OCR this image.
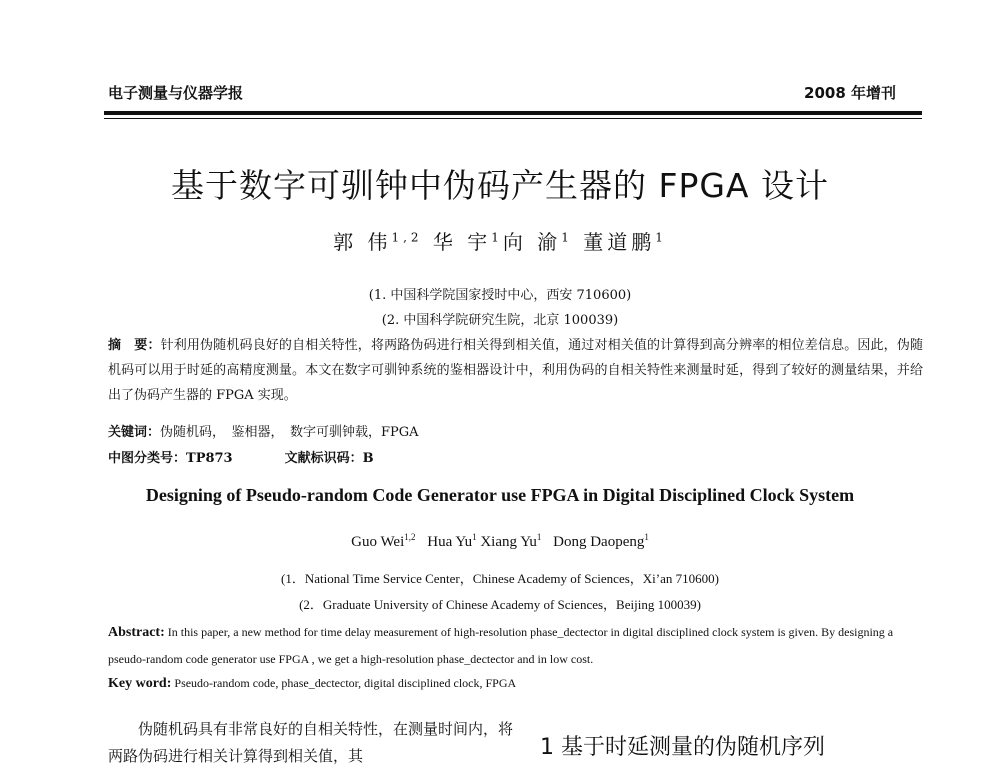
电子测量与仪器学报	2008 年增刊
基于数字可驯钟中伪码产生器的 FPGA 设计
郭 伟$^{1,2}$ 华 宇$^1$向 渝$^1$ 董道鹏$^1$
(1. 中国科学院国家授时中心，西安 710600)
(2. 中国科学院研究生院，北京 100039)
摘　要：针利用伪随机码良好的自相关特性，将两路伪码进行相关得到相关值，通过对相关值的计算得到高分辨率的相位差信息。因此，伪随机码可以用于时延的高精度测量。本文在数字可驯钟系统的鉴相器设计中，利用伪码的自相关特性来测量时延，得到了较好的测量结果，并给出了伪码产生器的 FPGA 实现。
关键词：伪随机码，　鉴相器，　数字可驯钟载，FPGA
中图分类号：TP873	文献标识码：B
Designing of Pseudo-random Code Generator use FPGA in Digital Disciplined Clock System
Guo Wei$^{1,2}$ Hua Yu$^1$ Xiang Yu$^1$ Dong Daopeng$^1$
(1．National Time Service Center，Chinese Academy of Sciences，Xi’an 710600)
(2．Graduate University of Chinese Academy of Sciences，Beijing 100039)
Abstract: In this paper, a new method for time delay measurement of high-resolution phase_dectector in digital disciplined clock system is given. By designing a pseudo-random code generator use FPGA , we get a high-resolution phase_dectector and in low cost.
Key word: Pseudo-random code, phase_dectector, digital disciplined clock, FPGA
伪随机码具有非常良好的自相关特性，在测量时间内，将两路伪码进行相关计算得到相关值，其	1 基于时延测量的伪随机序列
